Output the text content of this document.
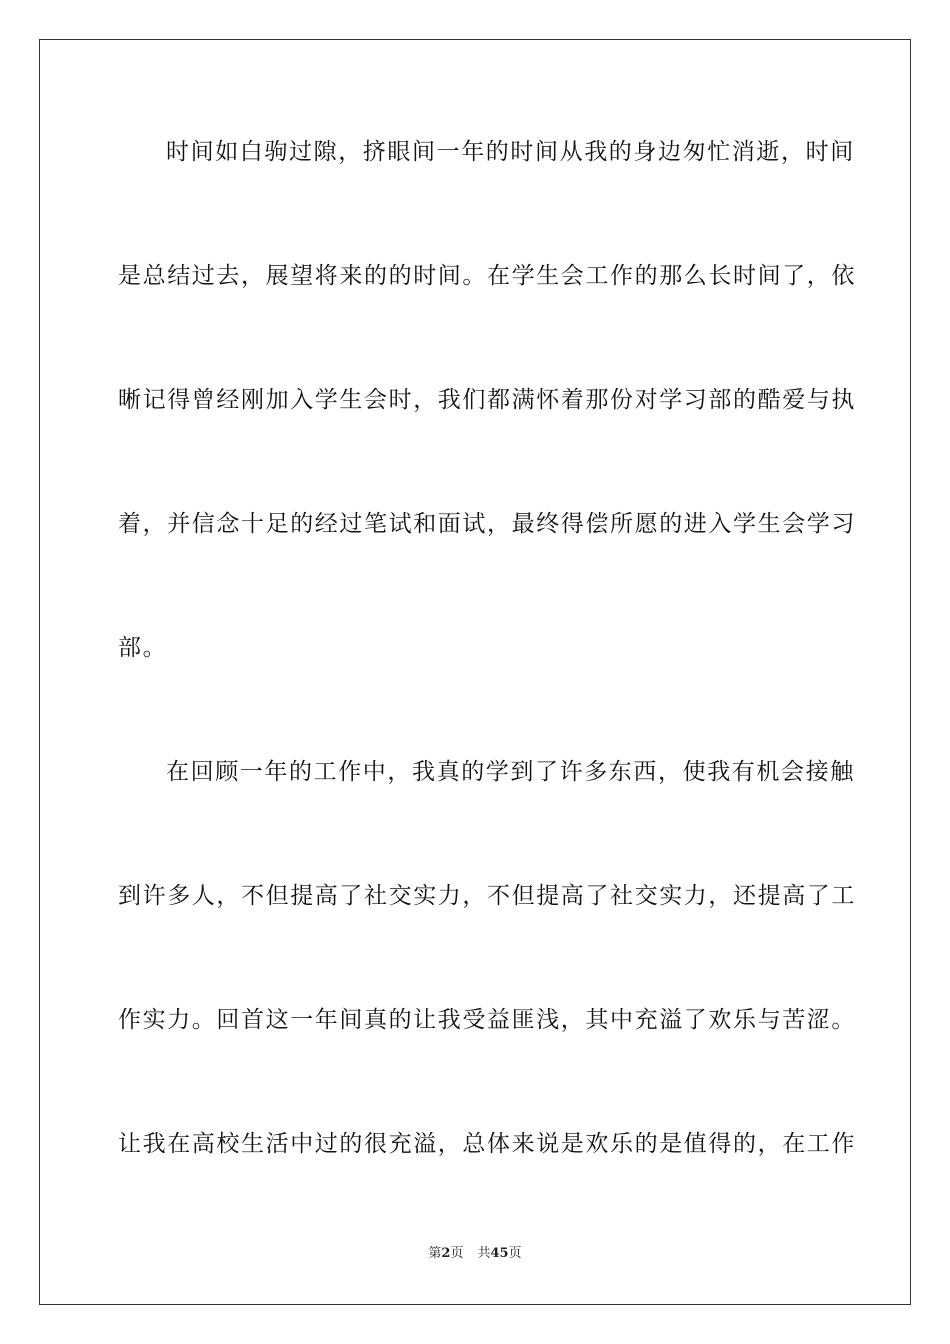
时间如白驹过隙，挤眼间一年的时间从我的身边匆忙消逝，时间
是总结过去，展望将来的的时间。在学生会工作的那么长时间了，依
晰记得曾经刚加入学生会时，我们都满怀着那份对学习部的酷爱与执
着，并信念十足的经过笔试和面试，最终得偿所愿的进入学生会学习
部。
在回顾一年的工作中，我真的学到了许多东西，使我有机会接触
到许多人，不但提高了社交实力，不但提高了社交实力，还提高了工
作实力。回首这一年间真的让我受益匪浅，其中充溢了欢乐与苦涩。
让我在高校生活中过的很充溢，总体来说是欢乐的是值得的，在工作
第2页 共45页
